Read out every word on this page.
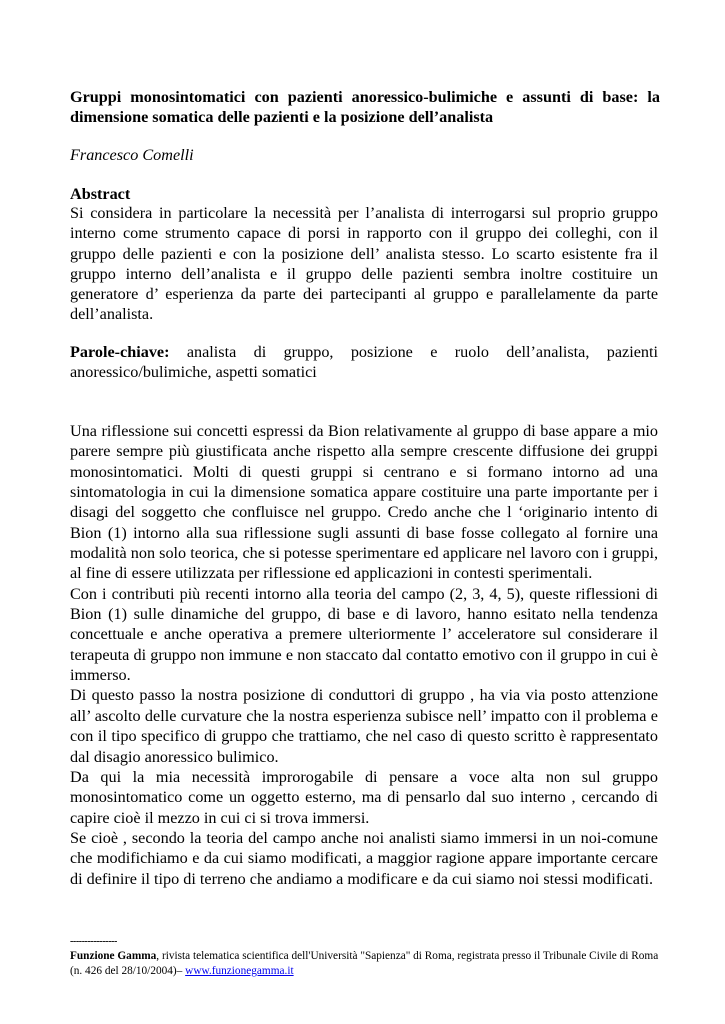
Gruppi monosintomatici con pazienti anoressico-bulimiche e assunti di base: la dimensione somatica delle pazienti e la posizione dell’analista
Francesco Comelli
Abstract
Si considera in particolare la necessità per l’analista di interrogarsi sul proprio gruppo interno come strumento capace di porsi in rapporto con il gruppo dei colleghi, con il gruppo delle pazienti e con la posizione dell’ analista stesso. Lo scarto esistente fra il gruppo interno dell’analista e il gruppo delle pazienti sembra inoltre costituire un generatore d’ esperienza da parte dei partecipanti al gruppo e parallelamente da parte dell’analista.
Parole-chiave: analista di gruppo, posizione e ruolo dell’analista, pazienti anoressico/bulimiche, aspetti somatici

Una riflessione sui concetti espressi da Bion relativamente al gruppo di base appare a mio parere sempre più giustificata anche rispetto alla sempre crescente diffusione dei gruppi monosintomatici. Molti di questi gruppi si centrano e si formano intorno ad una sintomatologia in cui la dimensione somatica appare costituire una parte importante per i disagi del soggetto che confluisce nel gruppo. Credo anche che l ‘originario intento di Bion (1) intorno alla sua riflessione sugli assunti di base fosse collegato al fornire una modalità non solo teorica, che si potesse sperimentare ed applicare nel lavoro con i gruppi, al fine di essere utilizzata per riflessione ed applicazioni in contesti sperimentali.

Con i contributi più recenti intorno alla teoria del campo (2, 3, 4, 5), queste riflessioni di Bion (1) sulle dinamiche del gruppo, di base e di lavoro, hanno esitato nella tendenza concettuale e anche operativa a premere ulteriormente l’ acceleratore sul considerare il terapeuta di gruppo non immune e non staccato dal contatto emotivo con il gruppo in cui è immerso.

Di questo passo la nostra posizione di conduttori di gruppo , ha via via posto attenzione all’ ascolto delle curvature che la nostra esperienza subisce nell’ impatto con il problema e con il tipo specifico di gruppo che trattiamo, che nel caso di questo scritto è rappresentato dal disagio anoressico bulimico.

Da qui la mia necessità improrogabile di pensare a voce alta non sul gruppo monosintomatico come un oggetto esterno, ma di pensarlo dal suo interno , cercando di capire cioè il mezzo in cui ci si trova immersi.

Se cioè , secondo la teoria del campo anche noi analisti siamo immersi in un noi-comune che modifichiamo e da cui siamo modificati, a maggior ragione appare importante cercare di definire il tipo di terreno che andiamo a modificare e da cui siamo noi stessi modificati.

----------------
Funzione Gamma, rivista telematica scientifica dell'Università "Sapienza" di Roma, registrata presso il Tribunale Civile di Roma (n. 426 del 28/10/2004)– www.funzionegamma.it
